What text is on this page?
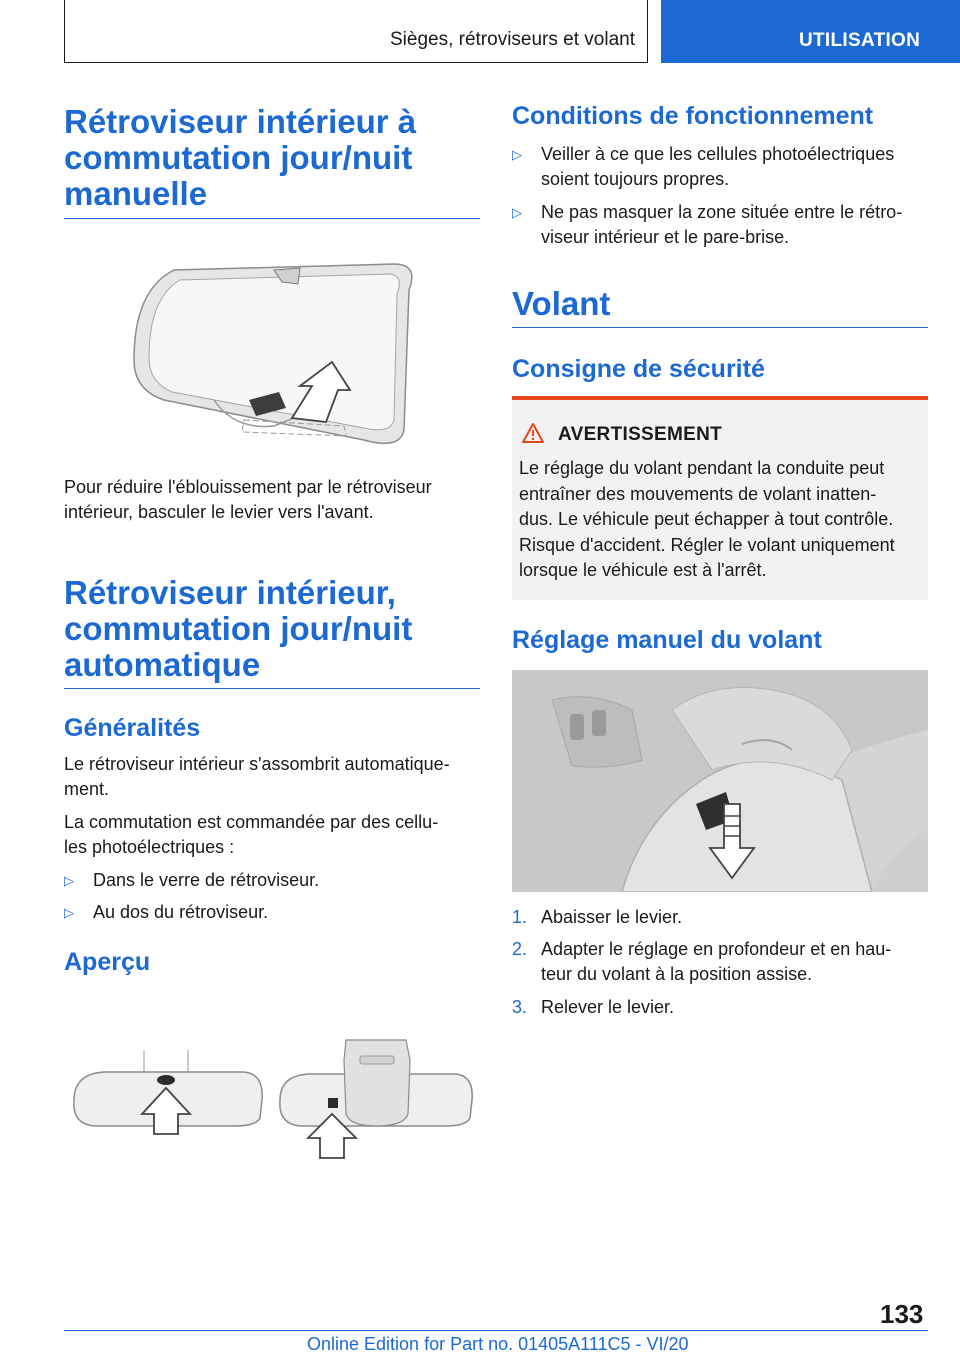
Sièges, rétroviseurs et volant	UTILISATION
Rétroviseur intérieur à
commutation jour/nuit
manuelle

Pour réduire l'éblouissement par le rétroviseur
intérieur, basculer le levier vers l'avant.

Rétroviseur intérieur,
commutation jour/nuit
automatique
Généralités

Le rétroviseur intérieur s'assombrit automatique‐
ment.

La commutation est commandée par des cellu‐
les photoélectriques :

▷ Dans le verre de rétroviseur.
▷ Au dos du rétroviseur.
Aperçu
Conditions de fonctionnement
▷ Veiller à ce que les cellules photoélectriques
soient toujours propres.
▷ Ne pas masquer la zone située entre le rétro‐
viseur intérieur et le pare-brise.
Volant
Consigne de sécurité
AVERTISSEMENT
Le réglage du volant pendant la conduite peut
entraîner des mouvements de volant inatten‐
dus. Le véhicule peut échapper à tout contrôle.
Risque d'accident. Régler le volant uniquement
lorsque le véhicule est à l'arrêt.
Réglage manuel du volant
1. Abaisser le levier.
2. Adapter le réglage en profondeur et en hau‐
teur du volant à la position assise.
3. Relever le levier.
133
Online Edition for Part no. 01405A111C5 - VI/20
